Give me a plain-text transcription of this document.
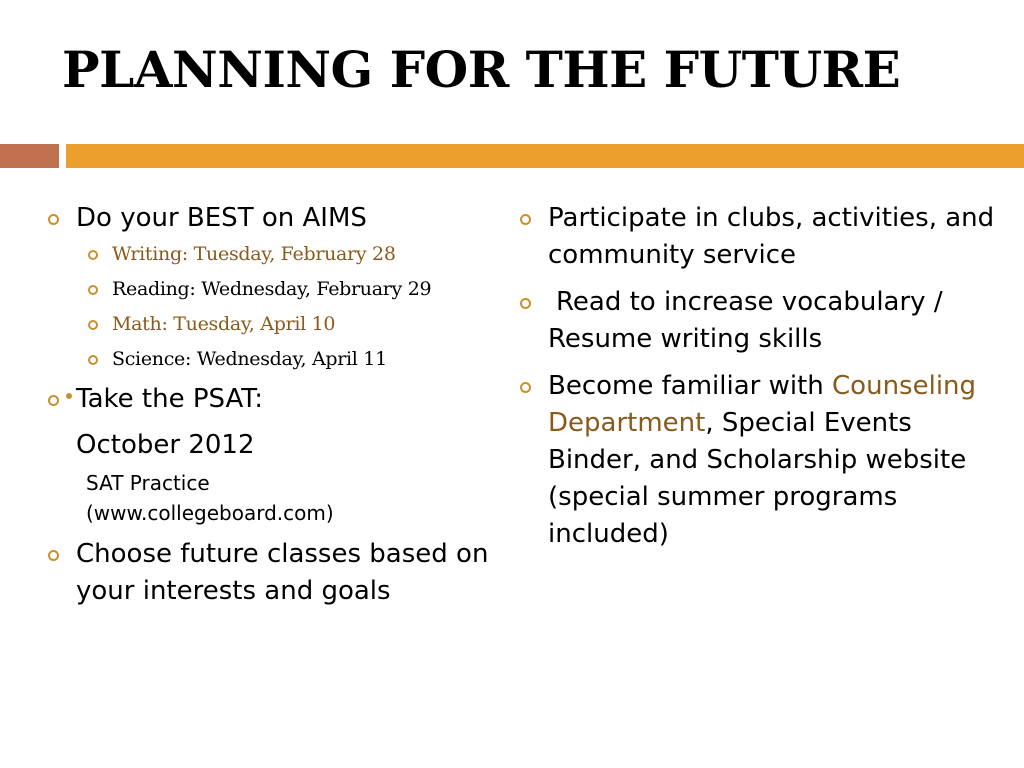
PLANNING FOR THE FUTURE
Do your BEST on AIMS
Writing: Tuesday, February 28
Reading: Wednesday, February 29
Math: Tuesday, April 10
Science: Wednesday, April 11
Take the PSAT:
October 2012
SAT Practice
(www.collegeboard.com)
Choose future classes based on your interests and goals
Participate in clubs, activities, and community service
Read to increase vocabulary / Resume writing skills
Become familiar with Counseling Department, Special Events Binder, and Scholarship website (special summer programs included)
